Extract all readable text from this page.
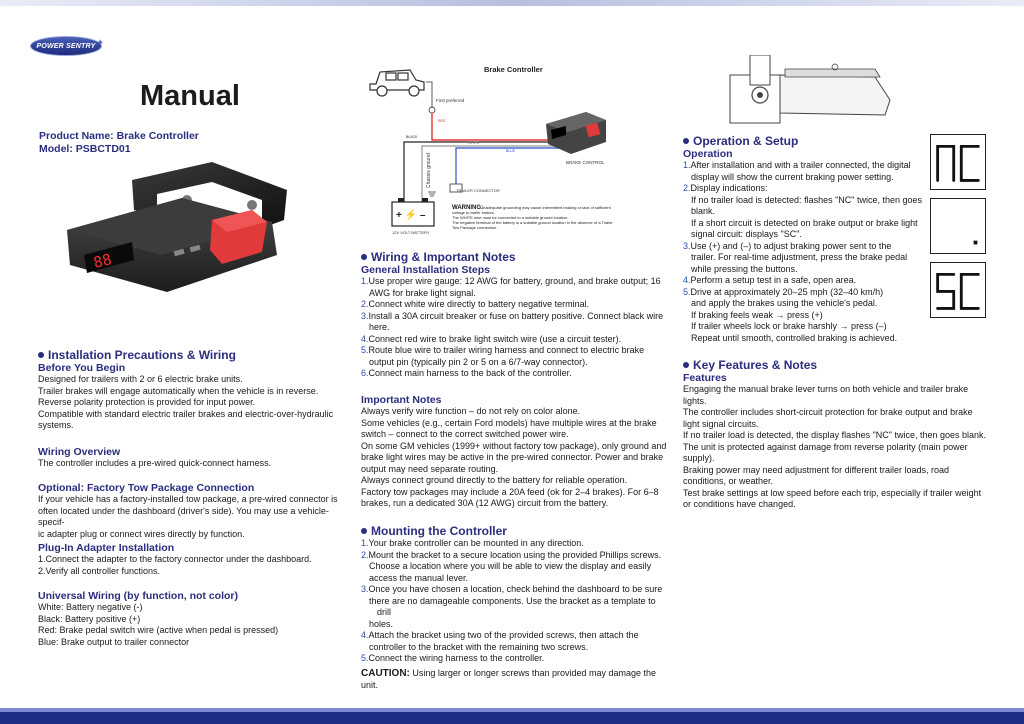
POWER SENTRY ✦
Manual
Product Name: Brake Controller
Model: PSBCTD01
88
Installation Precautions & Wiring
Before You Begin
Designed for trailers with 2 or 6 electric brake units.
Trailer brakes will engage automatically when the vehicle is in reverse.
Reverse polarity protection is provided for input power.
Compatible with standard electric trailer brakes and electric-over-hydraulic
systems.
Wiring Overview
The controller includes a pre-wired quick-connect harness.
Optional: Factory Tow Package Connection
If your vehicle has a factory-installed tow package, a pre-wired connector is
often located under the dashboard (driver's side). You may use a vehicle-specif-
ic adapter plug or connect wires directly by function.
Plug-In Adapter Installation
1.Connect the adapter to the factory connector under the dashboard.
2.Verify all controller functions.
Universal Wiring (by function, not color)
White: Battery negative (-)
Black: Battery positive (+)
Red: Brake pedal switch wire (active when pedal is pressed)
Blue: Brake output to trailer connector
Brake Controller
First preferred
RED
BLACK
WHITE
BLUE
Chassis ground	BRAKE CONTROL
TRAILER CONNECTOR
+ ⚡ –
12V VOLT BATTERY
WARNING: Inadequate grounding may cause intermittent braking or lack of sufficient
voltage to trailer brakes.
The WHITE wire must be connected to a suitable ground location.
The negative terminal of the battery is a suitable ground location in the absence of a Trailer
Tow Package connection.
Wiring & Important Notes
General Installation Steps
1.Use proper wire gauge: 12 AWG for battery, ground, and brake output; 16
AWG for brake light signal.
2.Connect white wire directly to battery negative terminal.
3.Install a 30A circuit breaker or fuse on battery positive. Connect black wire
here.
4.Connect red wire to brake light switch wire (use a circuit tester).
5.Route blue wire to trailer wiring harness and connect to electric brake
output pin (typically pin 2 or 5 on a 6/7-way connector).
6.Connect main harness to the back of the controller.
Important Notes
Always verify wire function – do not rely on color alone.
Some vehicles (e.g., certain Ford models) have multiple wires at the brake
switch – connect to the correct switched power wire.
On some GM vehicles (1999+ without factory tow package), only ground and
brake light wires may be active in the pre-wired connector. Power and brake
output may need separate routing.
Always connect ground directly to the battery for reliable operation.
Factory tow packages may include a 20A feed (ok for 2–4 brakes). For 6–8
brakes, run a dedicated 30A (12 AWG) circuit from the battery.
Mounting the Controller
1.Your brake controller can be mounted in any direction.
2.Mount the bracket to a secure location using the provided Phillips screws.
Choose a location where you will be able to view the display and easily
access the manual lever.
3.Once you have chosen a location, check behind the dashboard to be sure
there are no damageable components. Use the bracket as a template to drill
holes.
4.Attach the bracket using two of the provided screws, then attach the
controller to the bracket with the remaining two screws.
5.Connect the wiring harness to the controller.
CAUTION: Using larger or longer screws than provided may damage the
unit.
Operation & Setup
Operation
1.After installation and with a trailer connected, the digital
display will show the current braking power setting.
2.Display indications:
If no trailer load is detected: flashes "NC" twice, then goes
blank.
If a short circuit is detected on brake output or brake light
signal circuit: displays "SC".
3.Use (+) and (–) to adjust braking power sent to the
trailer. For real-time adjustment, press the brake pedal
while pressing the buttons.
4.Perform a setup test in a safe, open area.
5.Drive at approximately 20–25 mph (32–40 km/h)
and apply the brakes using the vehicle's pedal.
If braking feels weak → press (+)
If trailer wheels lock or brake harshly → press (–)
Repeat until smooth, controlled braking is achieved.
Key Features & Notes
Features
Engaging the manual brake lever turns on both vehicle and trailer brake lights.
The controller includes short-circuit protection for brake output and brake
light signal circuits.
If no trailer load is detected, the display flashes "NC" twice, then goes blank.
The unit is protected against damage from reverse polarity (main power
supply).
Braking power may need adjustment for different trailer loads, road
conditions, or weather.
Test brake settings at low speed before each trip, especially if trailer weight
or conditions have changed.
